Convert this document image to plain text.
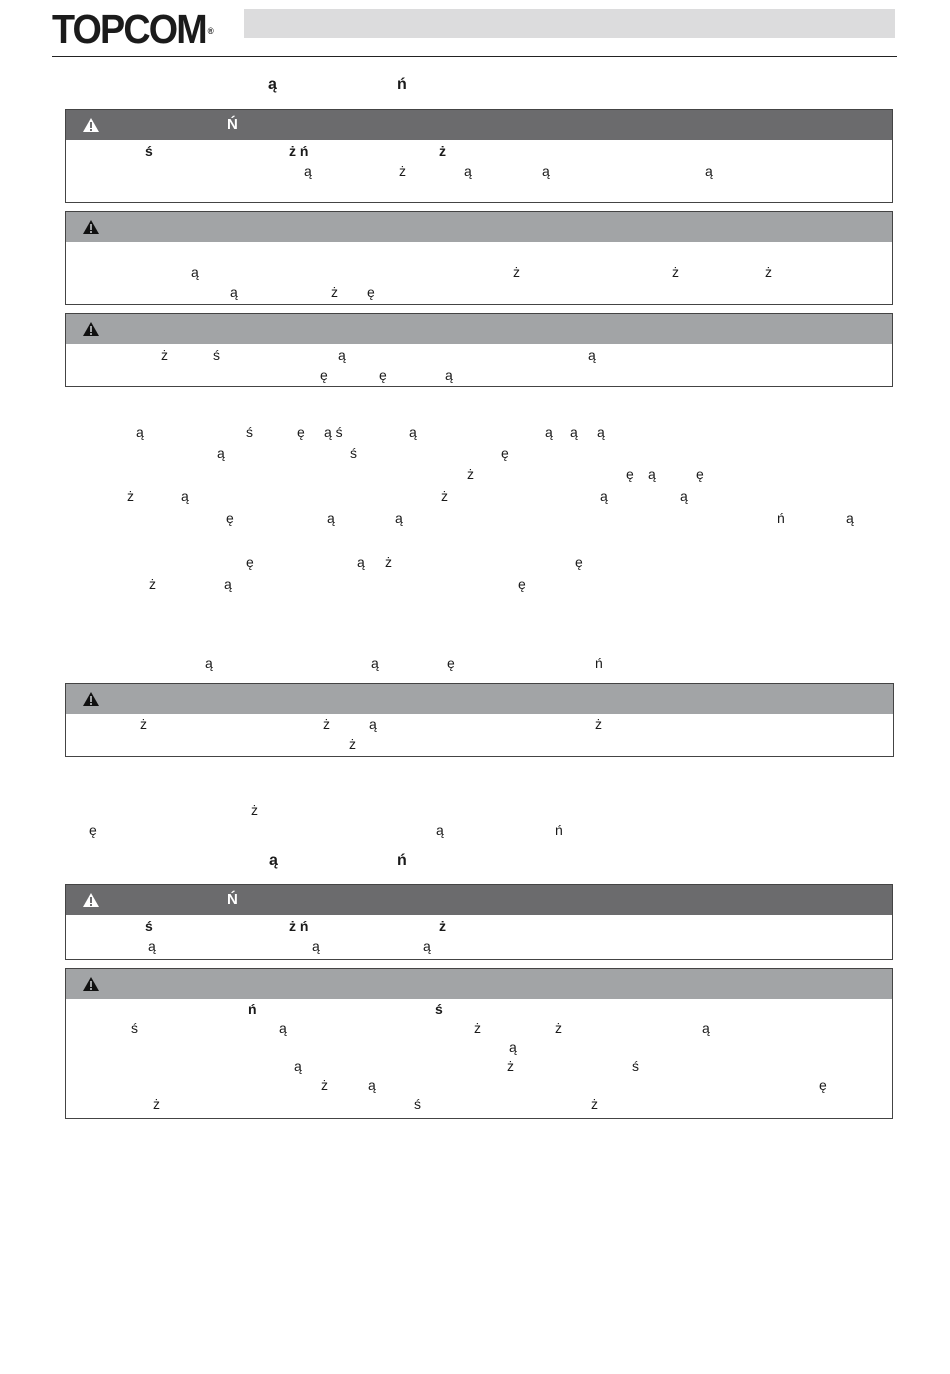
TOPCOM ®
ą	ń
Ń
ś	ż ń	ż
ą	ż	ą	ą	ą
ą	ż	ż	ż
ą	ż ę
ż	ś	ą	ą
ę	ę	ą
ą	ś	ę ą ś	ą	ą ą ą
ą	ś	ę
ż	ę ą	ę
ż	ą	ż	ą	ą
ę	ą	ą	ń	ą
ę	ą ż	ę
ż	ą	ę
ą	ą	ę	ń
ż	ż	ą	ż
ż
ż
ę	ą	ń
ą	ń
Ń
ś	ż ń	ż
ą	ą	ą
ń	ś
ś	ą	ż	ż	ą
ą
ą	ż	ś
ż	ą	ę
ż	ś	ż
